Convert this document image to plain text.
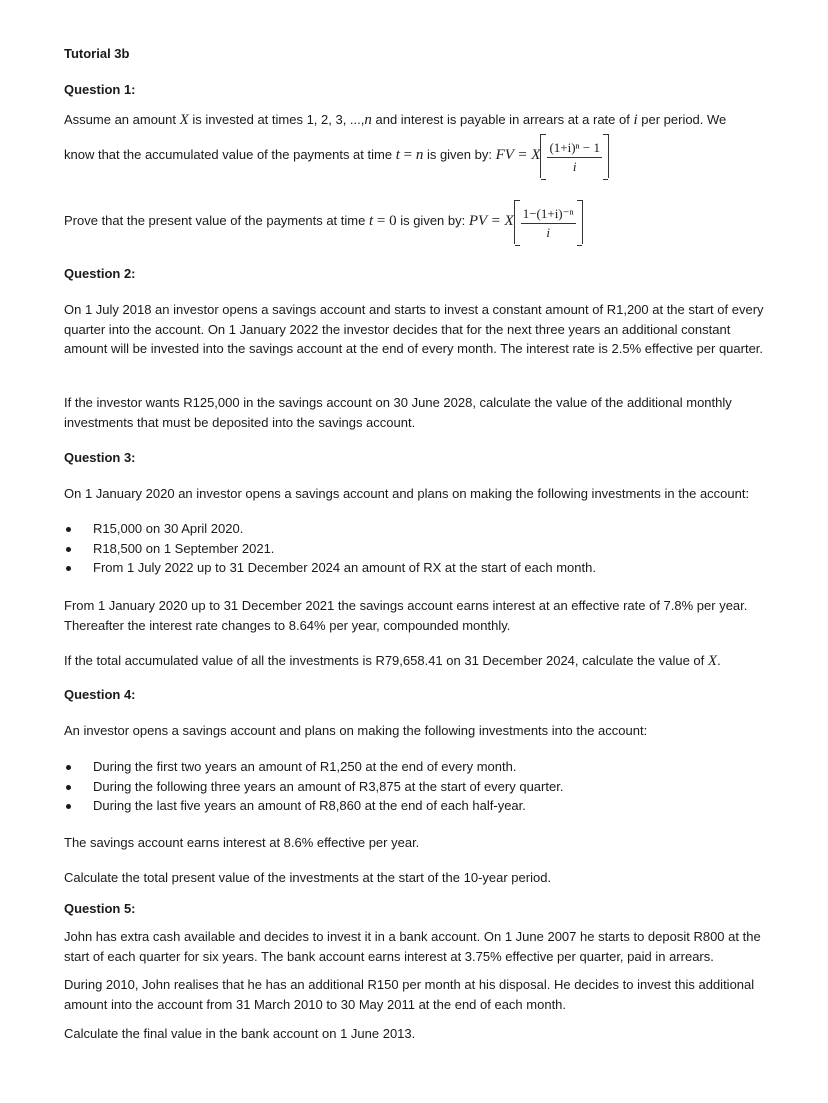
Tutorial 3b
Question 1:
Assume an amount X is invested at times 1, 2, 3, ...,n and interest is payable in arrears at a rate of i per period. We
know that the accumulated value of the payments at time t = n is given by: FV = X $\frac{\text{(1+i)ⁿ − 1}}{i}$
Prove that the present value of the payments at time t = 0 is given by: PV = X $\frac{\text{1−(1+i)⁻ⁿ}}{i}$
Question 2:
On 1 July 2018 an investor opens a savings account and starts to invest a constant amount of R1,200 at the start of every quarter into the account. On 1 January 2022 the investor decides that for the next three years an additional constant amount will be invested into the savings account at the end of every month. The interest rate is 2.5% effective per quarter.
If the investor wants R125,000 in the savings account on 30 June 2028, calculate the value of the additional monthly investments that must be deposited into the savings account.
Question 3:
On 1 January 2020 an investor opens a savings account and plans on making the following investments in the account:
R15,000 on 30 April 2020.
R18,500 on 1 September 2021.
From 1 July 2022 up to 31 December 2024 an amount of RX at the start of each month.
From 1 January 2020 up to 31 December 2021 the savings account earns interest at an effective rate of 7.8% per year. Thereafter the interest rate changes to 8.64% per year, compounded monthly.
If the total accumulated value of all the investments is R79,658.41 on 31 December 2024, calculate the value of X.
Question 4:
An investor opens a savings account and plans on making the following investments into the account:
During the first two years an amount of R1,250 at the end of every month.
During the following three years an amount of R3,875 at the start of every quarter.
During the last five years an amount of R8,860 at the end of each half-year.
The savings account earns interest at 8.6% effective per year.
Calculate the total present value of the investments at the start of the 10-year period.
Question 5:
John has extra cash available and decides to invest it in a bank account. On 1 June 2007 he starts to deposit R800 at the start of each quarter for six years. The bank account earns interest at 3.75% effective per quarter, paid in arrears.
During 2010, John realises that he has an additional R150 per month at his disposal. He decides to invest this additional amount into the account from 31 March 2010 to 30 May 2011 at the end of each month.
Calculate the final value in the bank account on 1 June 2013.
